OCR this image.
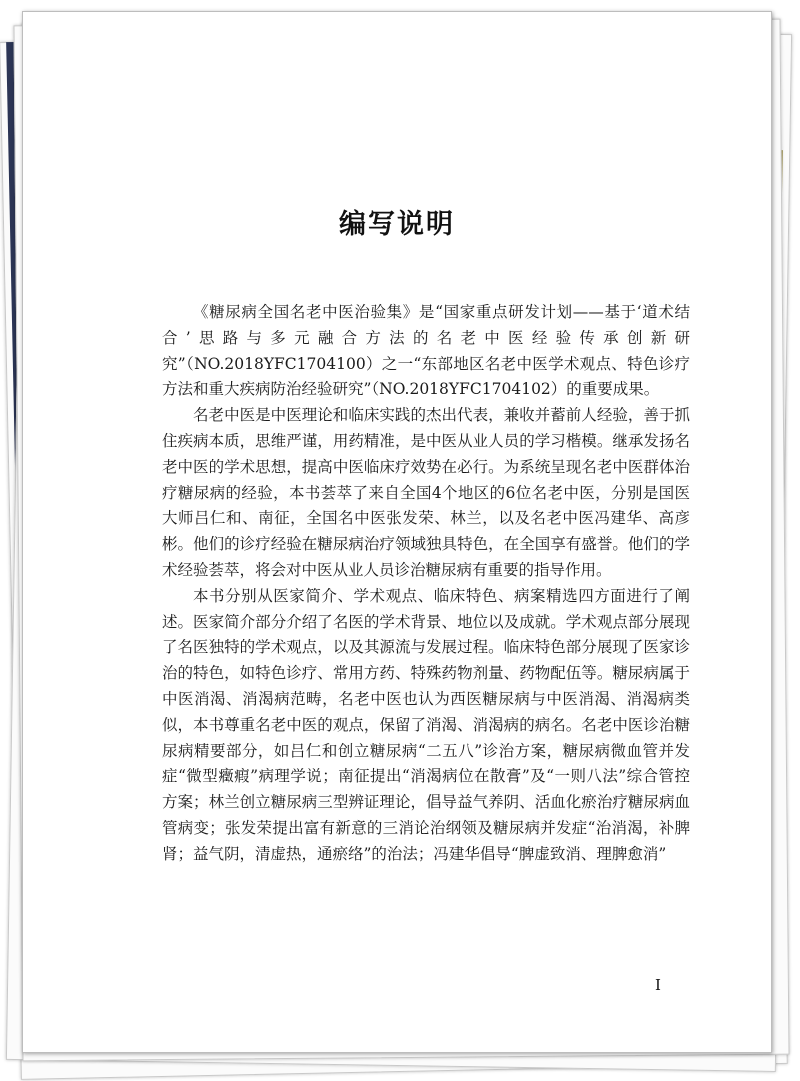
编写说明

《糖尿病全国名老中医治验集》是“国家重点研发计划——基于‘道术结合’思路与多元融合方法的名老中医经验传承创新研究”（NO.2018YFC1704100）之一“东部地区名老中医学术观点、特色诊疗方法和重大疾病防治经验研究”（NO.2018YFC1704102）的重要成果。

名老中医是中医理论和临床实践的杰出代表，兼收并蓄前人经验，善于抓住疾病本质，思维严谨，用药精准，是中医从业人员的学习楷模。继承发扬名老中医的学术思想，提高中医临床疗效势在必行。为系统呈现名老中医群体治疗糖尿病的经验，本书荟萃了来自全国4个地区的6位名老中医，分别是国医大师吕仁和、南征，全国名中医张发荣、林兰，以及名老中医冯建华、高彦彬。他们的诊疗经验在糖尿病治疗领域独具特色，在全国享有盛誉。他们的学术经验荟萃，将会对中医从业人员诊治糖尿病有重要的指导作用。

本书分别从医家简介、学术观点、临床特色、病案精选四方面进行了阐述。医家简介部分介绍了名医的学术背景、地位以及成就。学术观点部分展现了名医独特的学术观点，以及其源流与发展过程。临床特色部分展现了医家诊治的特色，如特色诊疗、常用方药、特殊药物剂量、药物配伍等。糖尿病属于中医消渴、消渴病范畴，名老中医也认为西医糖尿病与中医消渴、消渴病类似，本书尊重名老中医的观点，保留了消渴、消渴病的病名。名老中医诊治糖尿病精要部分，如吕仁和创立糖尿病“二五八”诊治方案，糖尿病微血管并发症“微型癥瘕”病理学说；南征提出“消渴病位在散膏”及“一则八法”综合管控方案；林兰创立糖尿病三型辨证理论，倡导益气养阴、活血化瘀治疗糖尿病血管病变；张发荣提出富有新意的三消论治纲领及糖尿病并发症“治消渴，补脾肾；益气阴，清虚热，通瘀络”的治法；冯建华倡导“脾虚致消、理脾愈消”

I
